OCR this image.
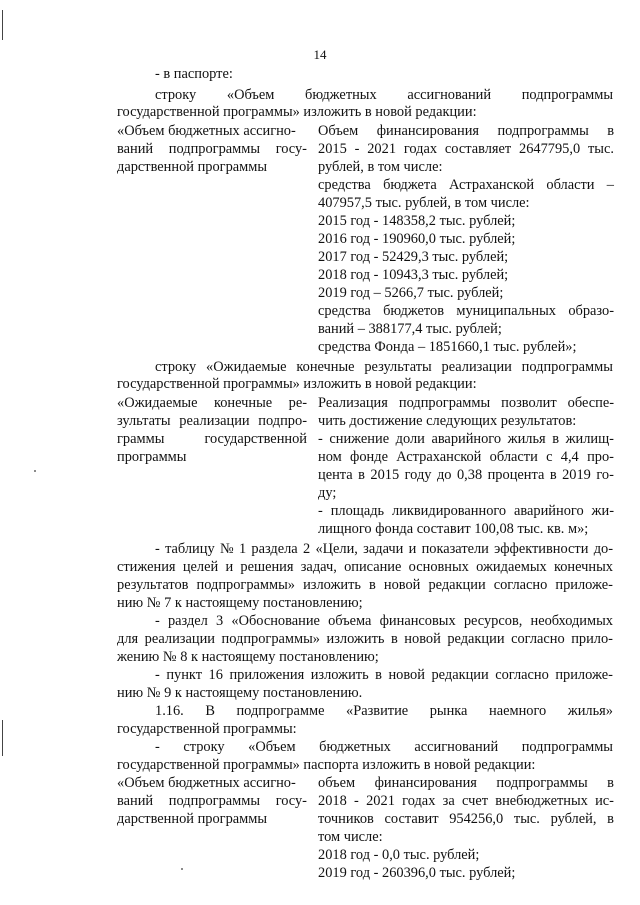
14
- в паспорте:
строку «Объем бюджетных ассигнований подпрограммы
государственной программы» изложить в новой редакции:
«Объем бюджетных ассигно-
ваний подпрограммы госу-
дарственной программы
Объем финансирования подпрограммы в
2015 - 2021 годах составляет 2647795,0 тыс.
рублей, в том числе:
средства бюджета Астраханской области –
407957,5 тыс. рублей, в том числе:
2015 год - 148358,2 тыс. рублей;
2016 год - 190960,0 тыс. рублей;
2017 год - 52429,3 тыс. рублей;
2018 год - 10943,3 тыс. рублей;
2019 год – 5266,7 тыс. рублей;
средства бюджетов муниципальных образо-
ваний – 388177,4 тыс. рублей;
средства Фонда – 1851660,1 тыс. рублей»;
строку «Ожидаемые конечные результаты реализации подпрограммы
государственной программы» изложить в новой редакции:
«Ожидаемые конечные ре-
зультаты реализации подпро-
граммы	государственной
программы
Реализация подпрограммы позволит обеспе-
чить достижение следующих результатов:
- снижение доли аварийного жилья в жилищ-
ном фонде Астраханской области с 4,4 про-
цента в 2015 году до 0,38 процента в 2019 го-
ду;
- площадь ликвидированного аварийного жи-
лищного фонда составит 100,08 тыс. кв. м»;
- таблицу № 1 раздела 2 «Цели, задачи и показатели эффективности до-
стижения целей и решения задач, описание основных ожидаемых конечных
результатов подпрограммы» изложить в новой редакции согласно приложе-
нию № 7 к настоящему постановлению;
- раздел 3 «Обоснование объема финансовых ресурсов, необходимых
для реализации подпрограммы» изложить в новой редакции согласно прило-
жению № 8 к настоящему постановлению;
- пункт 16 приложения изложить в новой редакции согласно приложе-
нию № 9 к настоящему постановлению.
1.16. В подпрограмме «Развитие рынка наемного жилья»
государственной программы:
- строку «Объем бюджетных ассигнований подпрограммы
государственной программы» паспорта изложить в новой редакции:
«Объем бюджетных ассигно-
ваний подпрограммы госу-
дарственной программы
объем финансирования подпрограммы в
2018 - 2021 годах за счет внебюджетных ис-
точников составит 954256,0 тыс. рублей, в
том числе:
2018 год - 0,0 тыс. рублей;
2019 год - 260396,0 тыс. рублей;
